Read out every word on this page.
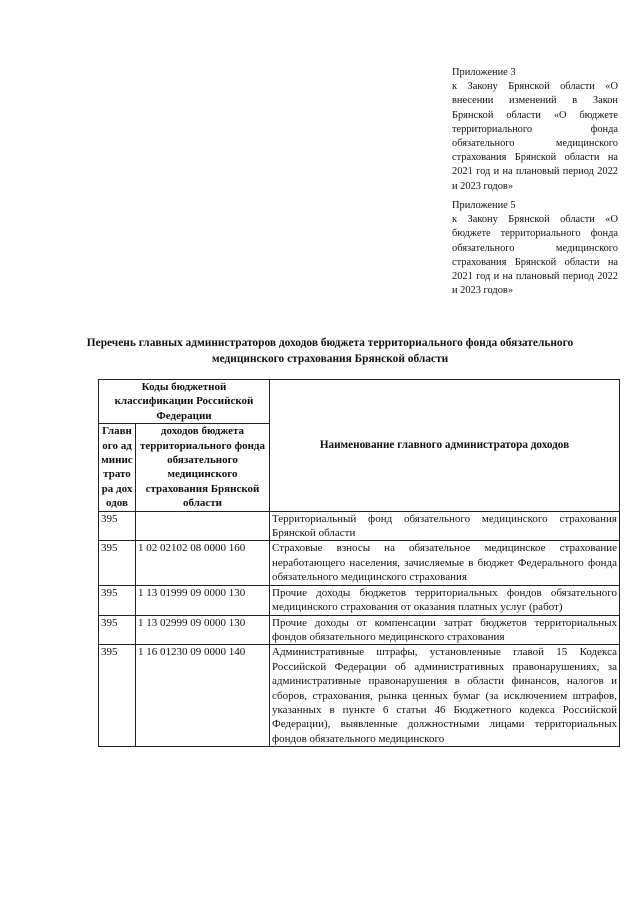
Приложение 3
к Закону Брянской области «О внесении изменений в Закон Брянской области «О бюджете территориального фонда обязательного медицинского страхования Брянской области на 2021 год и на плановый период 2022 и 2023 годов»
Приложение 5
к Закону Брянской области «О бюджете территориального фонда обязательного медицинского страхования Брянской области на 2021 год и на плановый период 2022 и 2023 годов»
Перечень главных администраторов доходов бюджета территориального фонда обязательного медицинского страхования Брянской области
Коды бюджетной классификации Российской Федерации		Наименование главного администратора доходов
Главного администратора доходов	доходов бюджета территориального фонда обязательного медицинского страхования Брянской области	
395		Территориальный фонд обязательного медицинского страхования Брянской области
395	1 02 02102 08 0000 160	Страховые взносы на обязательное медицинское страхование неработающего населения, зачисляемые в бюджет Федерального фонда обязательного медицинского страхования
395	1 13 01999 09 0000 130	Прочие доходы бюджетов территориальных фондов обязательного медицинского страхования от оказания платных услуг (работ)
395	1 13 02999 09 0000 130	Прочие доходы от компенсации затрат бюджетов территориальных фондов обязательного медицинского страхования
395	1 16 01230 09 0000 140	Административные штрафы, установленные главой 15 Кодекса Российской Федерации об административных правонарушениях, за административные правонарушения в области финансов, налогов и сборов, страхования, рынка ценных бумаг (за исключением штрафов, указанных в пункте 6 статьи 46 Бюджетного кодекса Российской Федерации), выявленные должностными лицами территориальных фондов обязательного медицинского
